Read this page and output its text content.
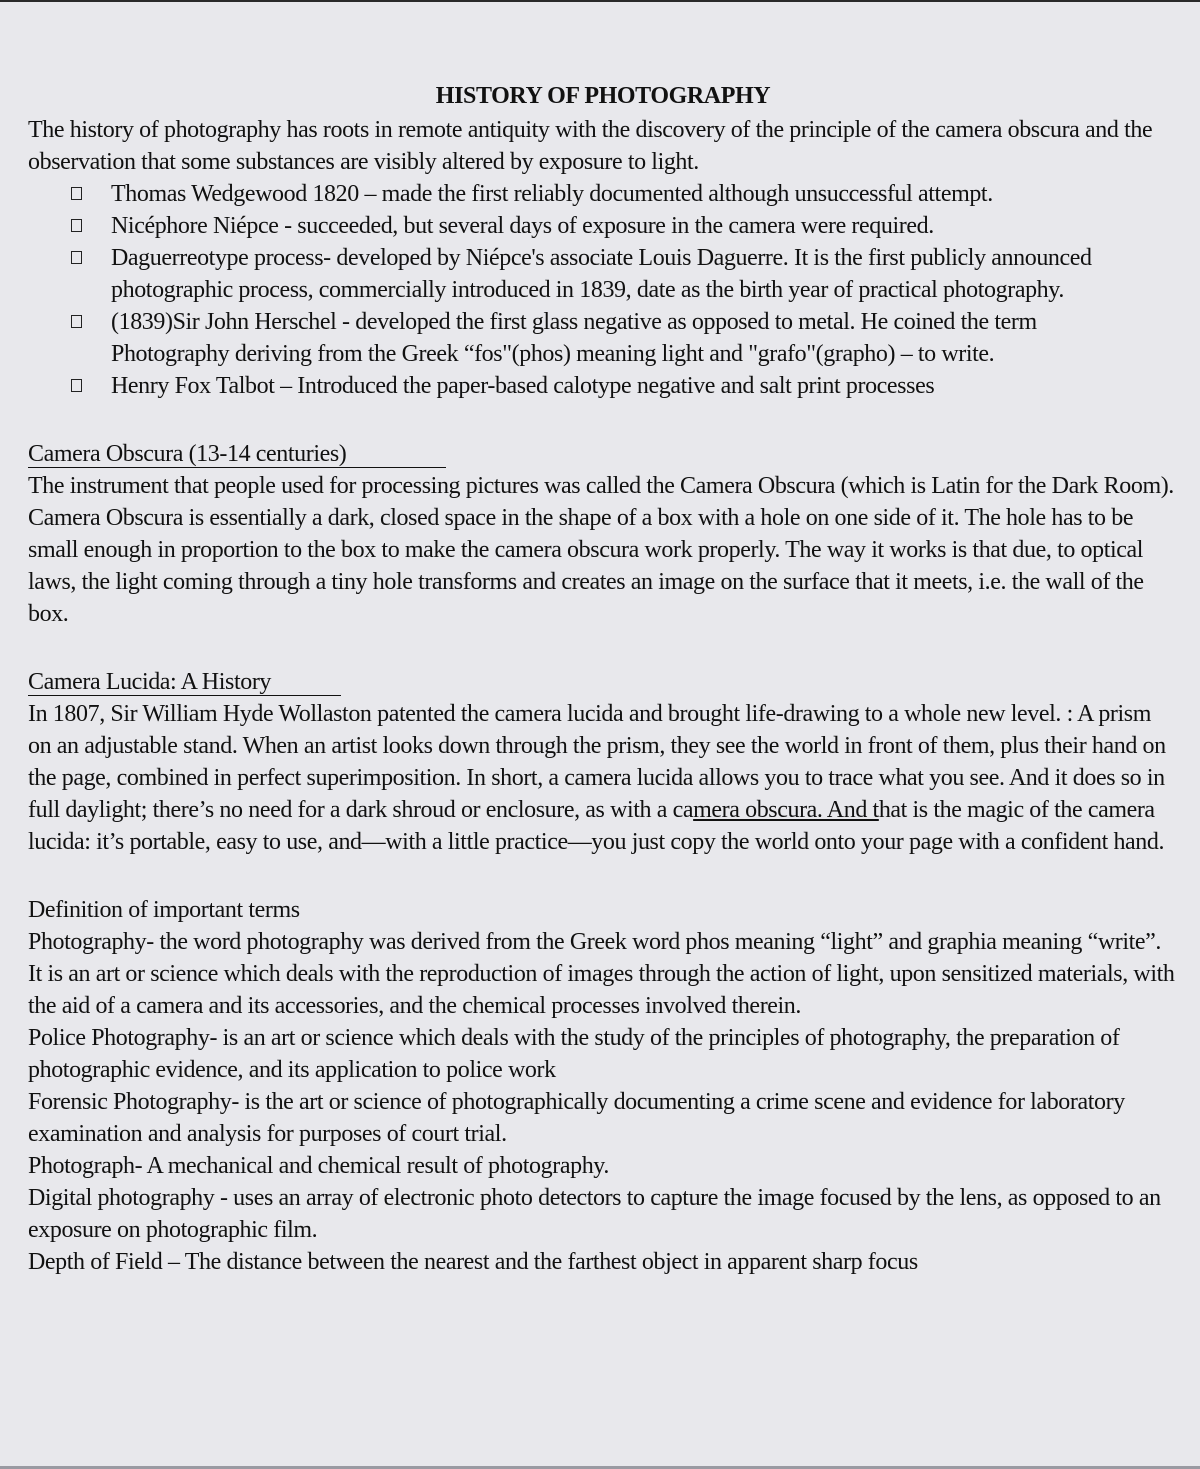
HISTORY OF PHOTOGRAPHY

The history of photography has roots in remote antiquity with the discovery of the principle of the camera obscura and the observation that some substances are visibly altered by exposure to light.

Thomas Wedgewood 1820 – made the first reliably documented although unsuccessful attempt.
Nicéphore Niépce - succeeded, but several days of exposure in the camera were required.
Daguerreotype process- developed by Niépce's associate Louis Daguerre. It is the first publicly announced photographic process, commercially introduced in 1839, date as the birth year of practical photography.
(1839)Sir John Herschel - developed the first glass negative as opposed to metal. He coined the term Photography deriving from the Greek “fos"(phos) meaning light and "grafo"(grapho) – to write.
Henry Fox Talbot – Introduced the paper-based calotype negative and salt print processes
Camera Obscura (13-14 centuries)

The instrument that people used for processing pictures was called the Camera Obscura (which is Latin for the Dark Room).

Camera Obscura is essentially a dark, closed space in the shape of a box with a hole on one side of it. The hole has to be small enough in proportion to the box to make the camera obscura work properly. The way it works is that due, to optical laws, the light coming through a tiny hole transforms and creates an image on the surface that it meets, i.e. the wall of the box.

Camera Lucida: A History

In 1807, Sir William Hyde Wollaston patented the camera lucida and brought life-drawing to a whole new level. : A prism on an adjustable stand. When an artist looks down through the prism, they see the world in front of them, plus their hand on the page, combined in perfect superimposition. In short, a camera lucida allows you to trace what you see. And it does so in full daylight; there’s no need for a dark shroud or enclosure, as with a camera obscura. And that is the magic of the camera lucida: it’s portable, easy to use, and—with a little practice—you just copy the world onto your page with a confident hand.

Definition of important terms

Photography- the word photography was derived from the Greek word phos meaning “light” and graphia meaning “write”. It is an art or science which deals with the reproduction of images through the action of light, upon sensitized materials, with the aid of a camera and its accessories, and the chemical processes involved therein.

Police Photography- is an art or science which deals with the study of the principles of photography, the preparation of photographic evidence, and its application to police work

Forensic Photography- is the art or science of photographically documenting a crime scene and evidence for laboratory examination and analysis for purposes of court trial.

Photograph- A mechanical and chemical result of photography.

Digital photography - uses an array of electronic photo detectors to capture the image focused by the lens, as opposed to an exposure on photographic film.

Depth of Field – The distance between the nearest and the farthest object in apparent sharp focus
